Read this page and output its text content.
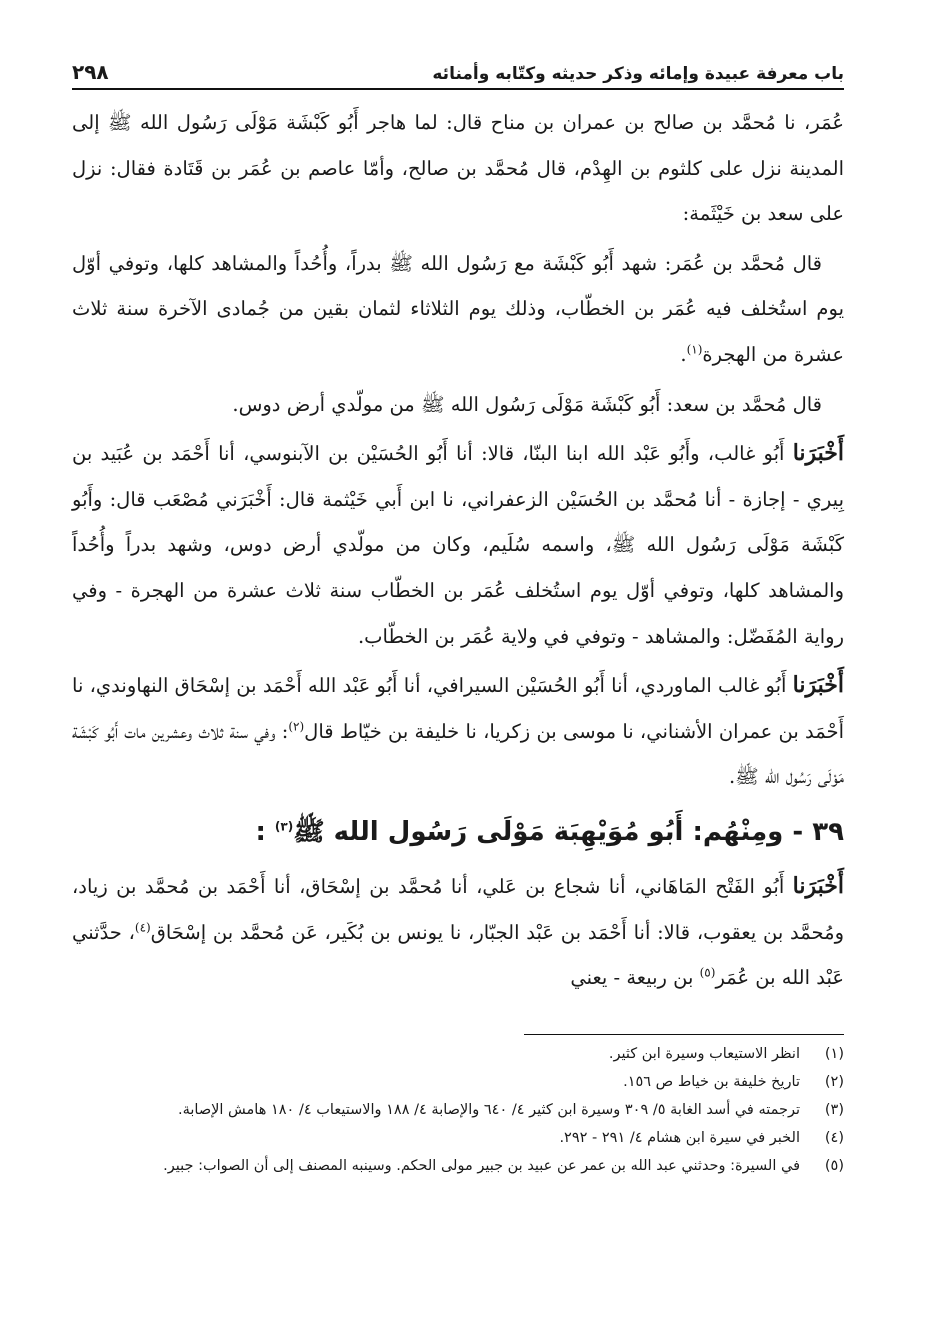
باب معرفة عبيدة وإمائه وذكر حديثه وكتّابه وأمنائه
٢٩٨

عُمَر، نا مُحمَّد بن صالح بن عمران بن مناح قال: لما هاجر أَبُو كَبْشَة مَوْلَى رَسُول الله ﷺ إلى المدينة نزل على كلثوم بن الهِدْم، قال مُحمَّد بن صالح، وأمّا عاصم بن عُمَر بن قَتَادة فقال: نزل على سعد بن خَيْثَمة:

قال مُحمَّد بن عُمَر: شهد أَبُو كَبْشَة مع رَسُول الله ﷺ بدراً، وأُحُداً والمشاهد كلها، وتوفي أوّل يوم استُخلف فيه عُمَر بن الخطّاب، وذلك يوم الثلاثاء لثمان بقين من جُمادى الآخرة سنة ثلاث عشرة من الهجرة$^{(١)}$.

قال مُحمَّد بن سعد: أَبُو كَبْشَة مَوْلَى رَسُول الله ﷺ من مولّدي أرض دوس.

أَخْبَرَنا أَبُو غالب، وأَبُو عَبْد الله ابنا البنّا، قالا: أنا أَبُو الحُسَيْن بن الآبنوسي، أنا أَحْمَد بن عُبَيد بن بِيري - إجازة - أنا مُحمَّد بن الحُسَيْن الزعفراني، نا ابن أَبي خَيْثمة قال: أَخْبَرَني مُصْعَب قال: وأَبُو كَبْشَة مَوْلَى رَسُول الله ﷺ، واسمه سُلَيم، وكان من مولّدي أرض دوس، وشهد بدراً وأُحُداً والمشاهد كلها، وتوفي أوّل يوم استُخلف عُمَر بن الخطّاب سنة ثلاث عشرة من الهجرة - وفي رواية المُفَضّل: والمشاهد - وتوفي في ولاية عُمَر بن الخطّاب.

أَخْبَرَنا أَبُو غالب الماوردي، أنا أَبُو الحُسَيْن السيرافي، أنا أَبُو عَبْد الله أَحْمَد بن إسْحَاق النهاوندي، نا أَحْمَد بن عمران الأشناني، نا موسى بن زكريا، نا خليفة بن خيّاط قال$^{(٢)}$: وفي سنة ثلاث وعشرين مات أَبُو كَبْشَة مَوْلَى رَسُول الله ﷺ.

٣٩ - ومِنْهُم: أَبُو مُوَيْهِبَة مَوْلَى رَسُول الله ﷺ$^{(٣)}$ :

أَخْبَرَنا أَبُو الفَتْح المَاهَاني، أنا شجاع بن عَلي، أنا مُحمَّد بن إسْحَاق، أنا أَحْمَد بن مُحمَّد بن زياد، ومُحمَّد بن يعقوب، قالا: أنا أَحْمَد بن عَبْد الجبّار، نا يونس بن بُكَير، عَن مُحمَّد بن إسْحَاق$^{(٤)}$، حدَّثني عَبْد الله بن عُمَر$^{(٥)}$ بن ربيعة - يعني

(١)
انظر الاستيعاب وسيرة ابن كثير.
(٢)
تاريخ خليفة بن خياط ص ١٥٦.
(٣)
ترجمته في أسد الغابة ٥/ ٣٠٩ وسيرة ابن كثير ٤/ ٦٤٠ والإصابة ٤/ ١٨٨ والاستيعاب ٤/ ١٨٠ هامش الإصابة.
(٤)
الخبر في سيرة ابن هشام ٤/ ٢٩١ - ٢٩٢.
(٥)
في السيرة: وحدثني عبد الله بن عمر عن عبيد بن جبير مولى الحكم. وسينبه المصنف إلى أن الصواب: جبير.
